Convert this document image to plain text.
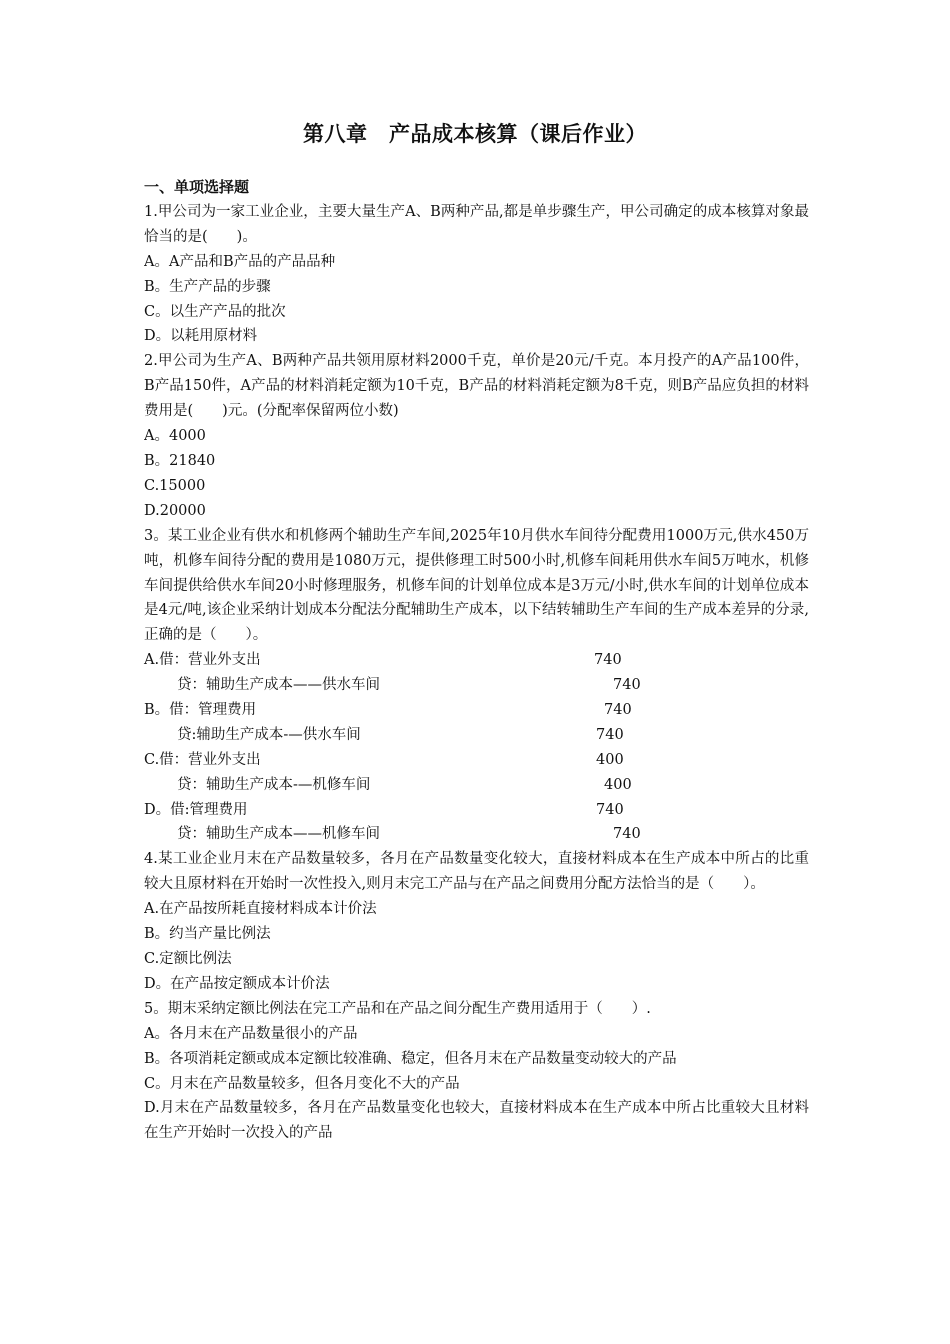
第八章　产品成本核算（课后作业）
一、单项选择题
1.甲公司为一家工业企业，主要大量生产A、B两种产品,都是单步骤生产，甲公司确定的成本核算对象最恰当的是(　　)。
A。A产品和B产品的产品品种
B。生产产品的步骤
C。以生产产品的批次
D。以耗用原材料
2.甲公司为生产A、B两种产品共领用原材料2000千克，单价是20元/千克。本月投产的A产品100件，B产品150件，A产品的材料消耗定额为10千克，B产品的材料消耗定额为8千克，则B产品应负担的材料费用是(　　)元。(分配率保留两位小数)
A。4000
B。21840
C.15000
D.20000
3。某工业企业有供水和机修两个辅助生产车间,2025年10月供水车间待分配费用1000万元,供水450万吨，机修车间待分配的费用是1080万元，提供修理工时500小时,机修车间耗用供水车间5万吨水，机修车间提供给供水车间20小时修理服务，机修车间的计划单位成本是3万元/小时,供水车间的计划单位成本是4元/吨,该企业采纳计划成本分配法分配辅助生产成本，以下结转辅助生产车间的生产成本差异的分录,正确的是（　　）。
A.借：营业外支出	740
贷：辅助生产成本——供水车间	740
B。借：管理费用	740
贷:辅助生产成本-—供水车间	740
C.借：营业外支出	400
贷：辅助生产成本-—机修车间	400
D。借:管理费用	740
贷：辅助生产成本——机修车间	740
4.某工业企业月末在产品数量较多，各月在产品数量变化较大，直接材料成本在生产成本中所占的比重较大且原材料在开始时一次性投入,则月末完工产品与在产品之间费用分配方法恰当的是（　　）。
A.在产品按所耗直接材料成本计价法
B。约当产量比例法
C.定额比例法
D。在产品按定额成本计价法
5。期末采纳定额比例法在完工产品和在产品之间分配生产费用适用于（　　）.
A。各月末在产品数量很小的产品
B。各项消耗定额或成本定额比较准确、稳定，但各月末在产品数量变动较大的产品
C。月末在产品数量较多，但各月变化不大的产品
D.月末在产品数量较多，各月在产品数量变化也较大，直接材料成本在生产成本中所占比重较大且材料在生产开始时一次投入的产品
